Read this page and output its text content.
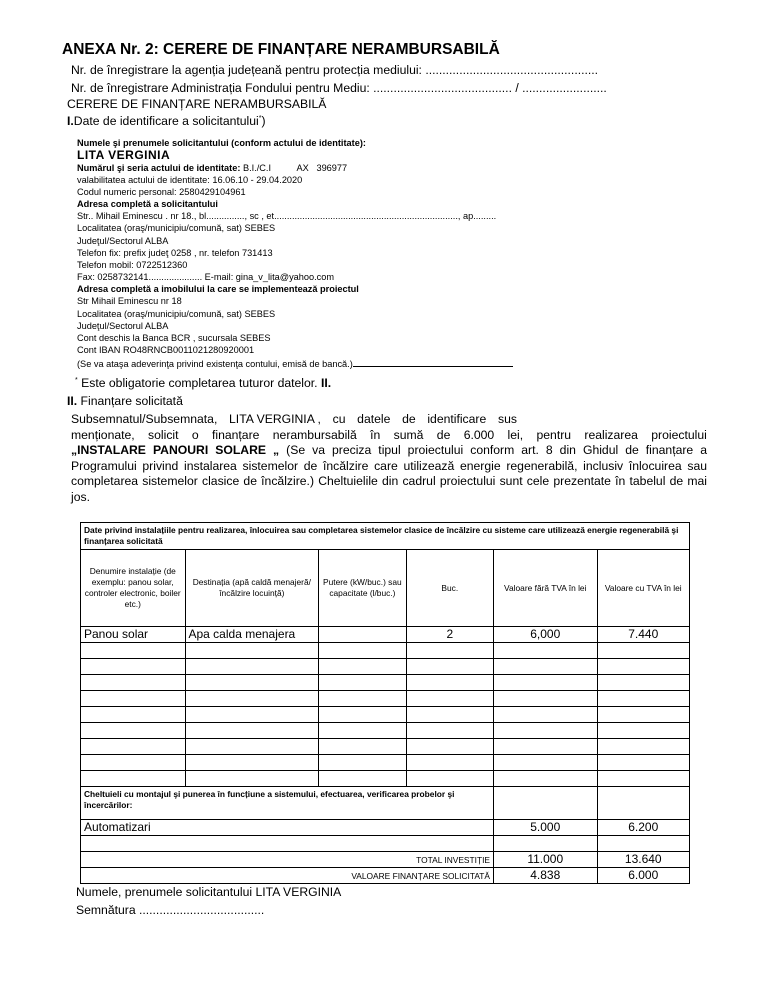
ANEXA Nr. 2: CERERE DE FINANȚARE NERAMBURSABILĂ
Nr. de înregistrare la agenția județeană pentru protecția mediului: ...................................................
Nr. de înregistrare Administrația Fondului pentru Mediu: ......................................... / .........................
CERERE DE FINANȚARE NERAMBURSABILĂ
I.Date de identificare a solicitantului*)
Numele şi prenumele solicitantului (conform actului de identitate):
LITA VERGINIA
Numărul şi seria actului de identitate: B.I./C.I          AX   396977
valabilitatea actului de identitate: 16.06.10 - 29.04.2020
Codul numeric personal: 2580429104961
Adresa completă a solicitantului
Str.. Mihail Eminescu . nr 18., bl..............., sc , et........................................................................, ap.........
Localitatea (oraş/municipiu/comună, sat) SEBES
Judeţul/Sectorul ALBA
Telefon fix: prefix judeţ 0258 , nr. telefon 731413
Telefon mobil: 0722512360
Fax: 0258732141..................... E-mail: gina_v_lita@yahoo.com
Adresa completă a imobilului la care se implementează proiectul
Str Mihail Eminescu nr 18
Localitatea (oraş/municipiu/comună, sat) SEBES
Judeţul/Sectorul ALBA
Cont deschis la Banca BCR , sucursala SEBES
Cont IBAN RO48RNCB0011021280920001
(Se va ataşa adeverinţa privind existenţa contului, emisă de bancă.)
* Este obligatorie completarea tuturor datelor. II.
II. Finanțare solicitată
Subsemnatul/Subsemnata, LITA VERGINIA , cu datele de identificare sus
menționate, solicit o finanțare nerambursabilă în sumă de 6.000 lei, pentru realizarea proiectului
„INSTALARE PANOURI SOLARE „ (Se va preciza tipul proiectului conform art. 8 din Ghidul de finanțare a Programului privind instalarea sistemelor de încălzire care utilizează energie regenerabilă, inclusiv înlocuirea sau completarea sistemelor clasice de încălzire.) Cheltuielile din cadrul proiectului sunt cele prezentate în tabelul de mai jos.
Date privind instalațiile pentru realizarea, înlocuirea sau completarea sistemelor clasice de încălzire cu sisteme care utilizează energie regenerabilă şi finanțarea solicitată					
Denumire instalație (de exemplu: panou solar, controler electronic, boiler etc.)	Destinația (apă caldă menajeră/ încălzire locuință)	Putere (kW/buc.) sau capacitate (l/buc.)	Buc.	Valoare fără TVA în lei	Valoare cu TVA în lei
Panou solar	Apa calda menajera		2	6,000	7.440

Cheltuieli cu montajul şi punerea în funcțiune a sistemului, efectuarea, verificarea probelor şi încercărilor:					
Automatizari				5.000	6.200

TOTAL INVESTIȚIE				11.000	13.640
VALOARE FINANȚARE SOLICITATĂ				4.838	6.000
Numele, prenumele solicitantului LITA VERGINIA
Semnătura .....................................
